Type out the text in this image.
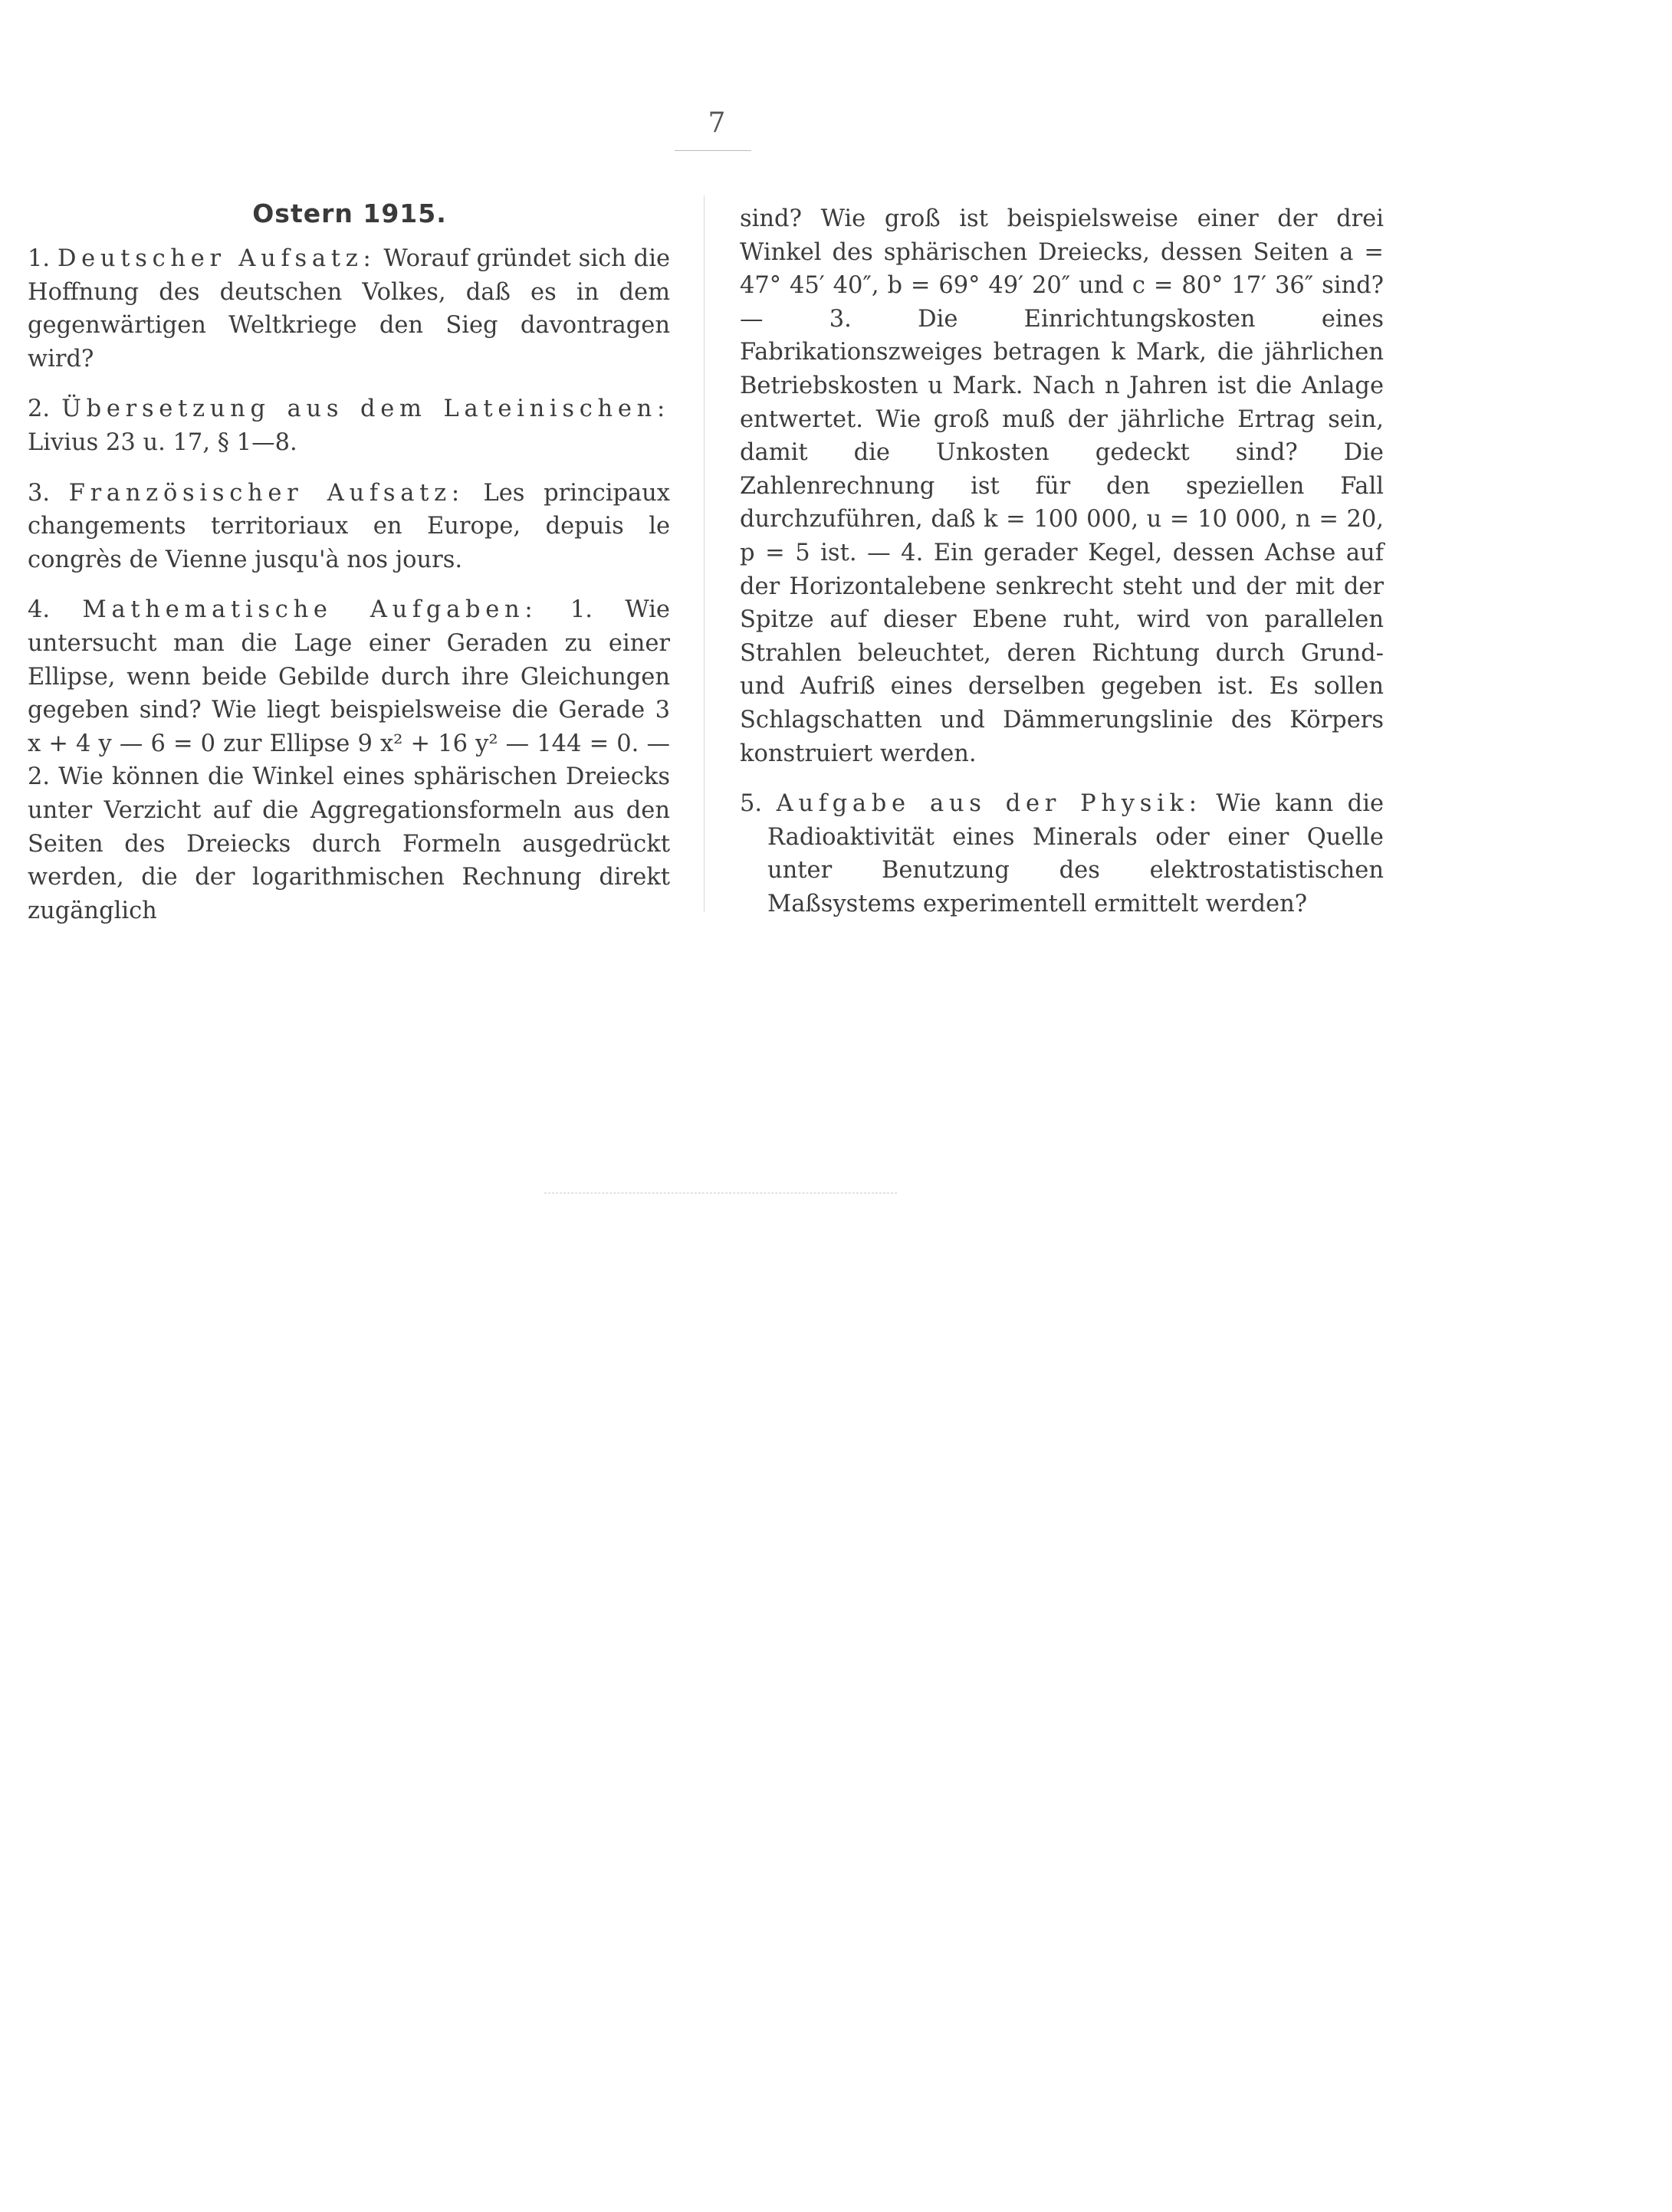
7
Ostern 1915.

1. Deutscher Aufsatz: Worauf gründet sich die Hoffnung des deutschen Volkes, daß es in dem gegenwärtigen Weltkriege den Sieg davontragen wird?

2. Übersetzung aus dem Lateinischen: Livius 23 u. 17, § 1—8.

3. Französischer Aufsatz: Les principaux changements territoriaux en Europe, depuis le congrès de Vienne jusqu'à nos jours.

4. Mathematische Aufgaben: 1. Wie untersucht man die Lage einer Geraden zu einer Ellipse, wenn beide Gebilde durch ihre Gleichungen gegeben sind? Wie liegt beispielsweise die Gerade 3 x + 4 y — 6 = 0 zur Ellipse 9 x² + 16 y² — 144 = 0. — 2. Wie können die Winkel eines sphärischen Dreiecks unter Verzicht auf die Aggregationsformeln aus den Seiten des Dreiecks durch Formeln ausgedrückt werden, die der logarithmischen Rechnung direkt zugänglich

sind? Wie groß ist beispielsweise einer der drei Winkel des sphärischen Dreiecks, dessen Seiten a = 47° 45′ 40″, b = 69° 49′ 20″ und c = 80° 17′ 36″ sind? — 3. Die Einrichtungskosten eines Fabrikationszweiges betragen k Mark, die jährlichen Betriebskosten u Mark. Nach n Jahren ist die Anlage entwertet. Wie groß muß der jährliche Ertrag sein, damit die Unkosten gedeckt sind? Die Zahlenrechnung ist für den speziellen Fall durchzuführen, daß k = 100 000, u = 10 000, n = 20, p = 5 ist. — 4. Ein gerader Kegel, dessen Achse auf der Horizontalebene senkrecht steht und der mit der Spitze auf dieser Ebene ruht, wird von parallelen Strahlen beleuchtet, deren Richtung durch Grund- und Aufriß eines derselben gegeben ist. Es sollen Schlagschatten und Dämmerungslinie des Körpers konstruiert werden.

5. Aufgabe aus der Physik: Wie kann die Radioaktivität eines Minerals oder einer Quelle unter Benutzung des elektrostatistischen Maßsystems experimentell ermittelt werden?
